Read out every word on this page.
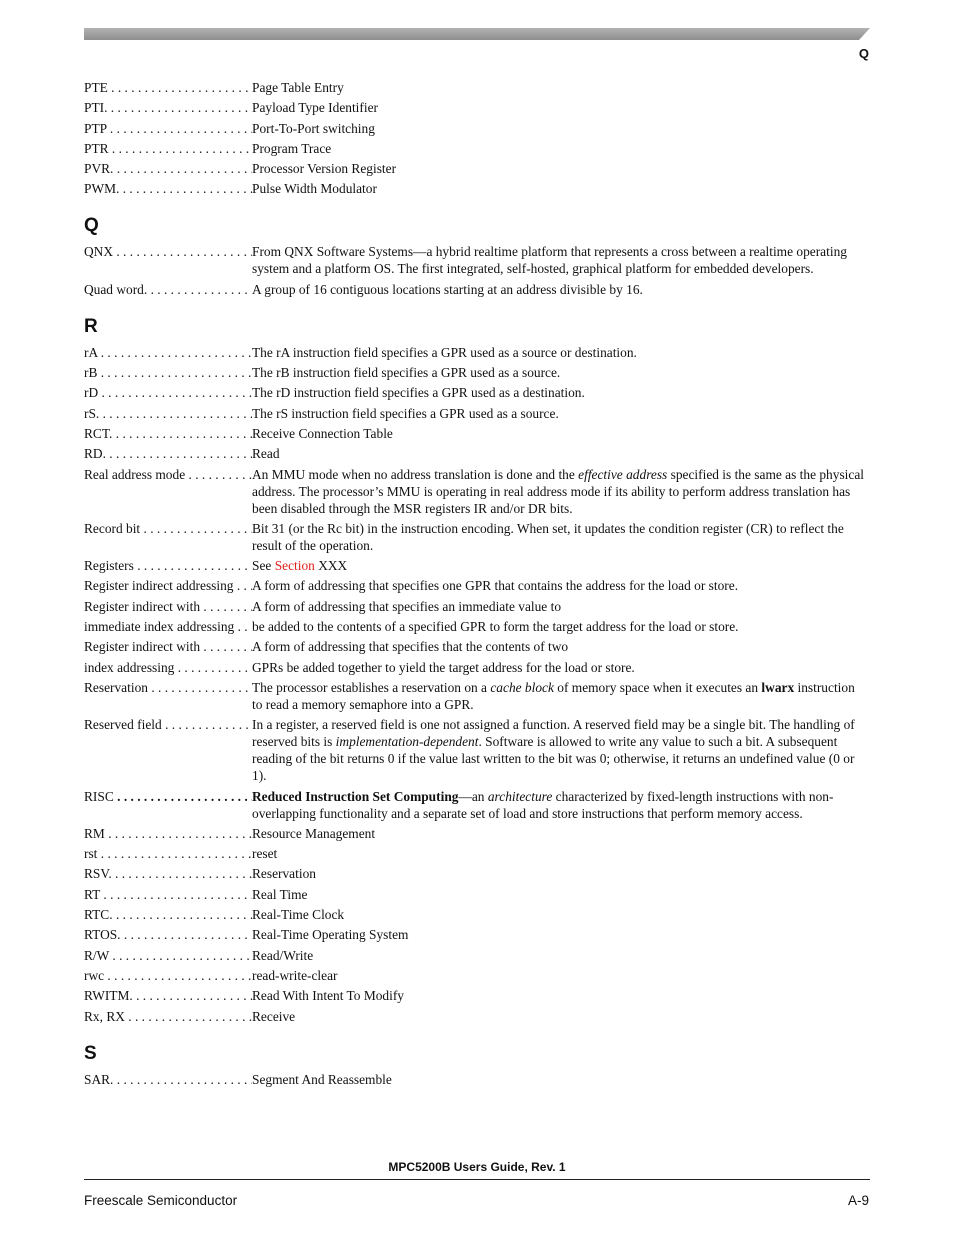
Q
PTE . . .	Page Table Entry
PTI. . . .	Payload Type Identifier
PTP . . .	Port-To-Port switching
PTR . . .	Program Trace
PVR. . . .	Processor Version Register
PWM. . . .	Pulse Width Modulator
Q
QNX . . .	From QNX Software Systems—a hybrid realtime platform that represents a cross between a realtime operating system and a platform OS. The first integrated, self-hosted, graphical platform for embedded developers.
Quad word. . . .	A group of 16 contiguous locations starting at an address divisible by 16.
R
rA . . .	The rA instruction field specifies a GPR used as a source or destination.
rB . . .	The rB instruction field specifies a GPR used as a source.
rD . . .	The rD instruction field specifies a GPR used as a destination.
rS. . . .	The rS instruction field specifies a GPR used as a source.
RCT. . . .	Receive Connection Table
RD. . . .	Read
Real address mode . . .	An MMU mode when no address translation is done and the effective address specified is the same as the physical address. The processor’s MMU is operating in real address mode if its ability to perform address translation has been disabled through the MSR registers IR and/or DR bits.
Record bit . . .	Bit 31 (or the Rc bit) in the instruction encoding. When set, it updates the condition register (CR) to reflect the result of the operation.
Registers . . .	See Section XXX
Register indirect addressing . . .	A form of addressing that specifies one GPR that contains the address for the load or store.
Register indirect with . . .	A form of addressing that specifies an immediate value to
immediate index addressing . . .	be added to the contents of a specified GPR to form the target address for the load or store.
Register indirect with . . .	A form of addressing that specifies that the contents of two
index addressing . . .	GPRs be added together to yield the target address for the load or store.
Reservation . . .	The processor establishes a reservation on a cache block of memory space when it executes an lwarx instruction to read a memory semaphore into a GPR.
Reserved field . . .	In a register, a reserved field is one not assigned a function. A reserved field may be a single bit. The handling of reserved bits is implementation-dependent. Software is allowed to write any value to such a bit. A subsequent reading of the bit returns 0 if the value last written to the bit was 0; otherwise, it returns an undefined value (0 or 1).
RISC . . .	Reduced Instruction Set Computing—an architecture characterized by fixed-length instructions with non-overlapping functionality and a separate set of load and store instructions that perform memory access.
RM . . .	Resource Management
rst . . .	reset
RSV. . . .	Reservation
RT . . .	Real Time
RTC. . . .	Real-Time Clock
RTOS. . . .	Real-Time Operating System
R/W . . .	Read/Write
rwc . . .	read-write-clear
RWITM. . . .	Read With Intent To Modify
Rx, RX . . .	Receive
S
SAR. . . .	Segment And Reassemble
MPC5200B Users Guide, Rev. 1
Freescale Semiconductor	A-9
